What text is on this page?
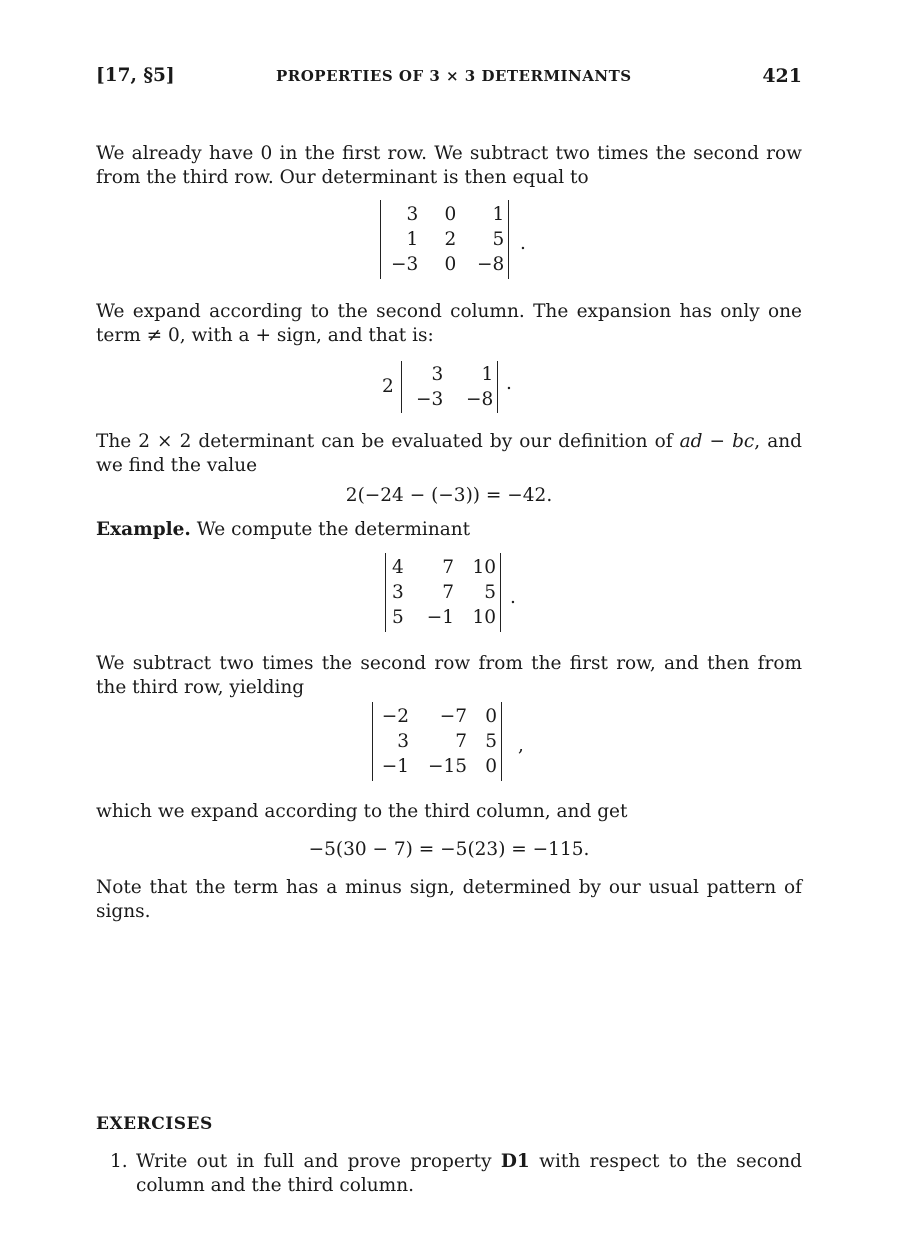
[17, §5]	PROPERTIES OF 3 × 3 DETERMINANTS	421
We already have 0 in the first row. We subtract two times the second row from the third row. Our determinant is then equal to
3	0	1
1	2	5
−3	0	−8
.
We expand according to the second column. The expansion has only one term ≠ 0, with a + sign, and that is:
2
3	1
−3	−8
.
The 2 × 2 determinant can be evaluated by our definition of ad − bc, and we find the value
2(−24 − (−3)) = −42.
Example. We compute the determinant
4	7	10
3	7	5
5	−1	10
.
We subtract two times the second row from the first row, and then from the third row, yielding
−2	−7	0
3	7	5
−1	−15	0
,
which we expand according to the third column, and get
−5(30 − 7) = −5(23) = −115.
Note that the term has a minus sign, determined by our usual pattern of signs.
EXERCISES
1. Write out in full and prove property D1 with respect to the second column and the third column.
